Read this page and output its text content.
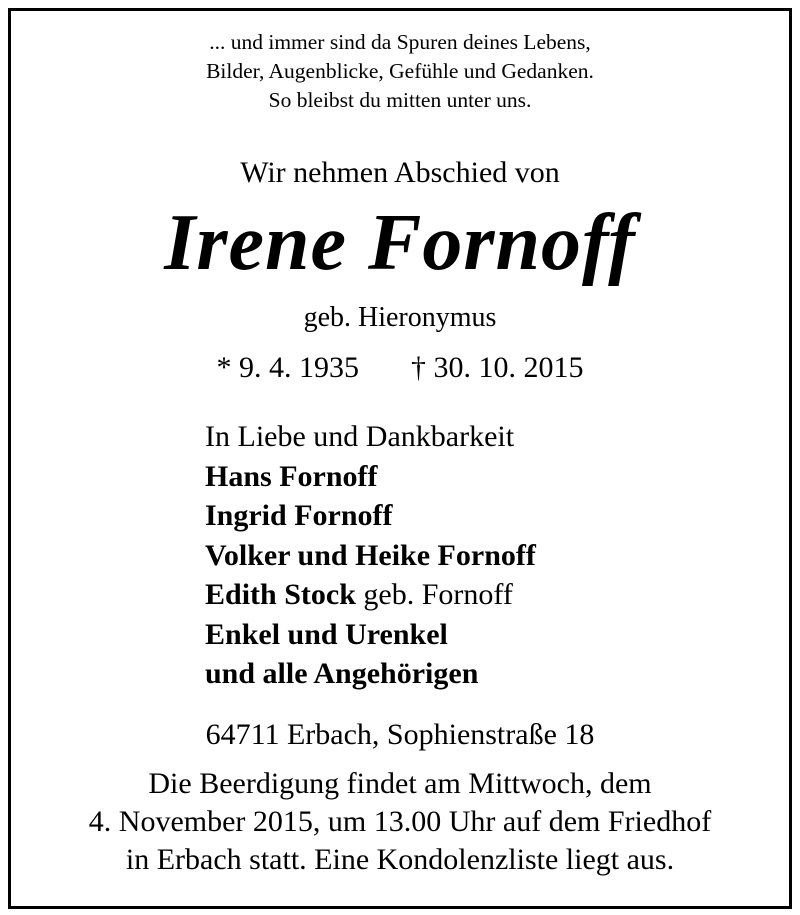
... und immer sind da Spuren deines Lebens,
Bilder, Augenblicke, Gefühle und Gedanken.
So bleibst du mitten unter uns.
Wir nehmen Abschied von
Irene Fornoff
geb. Hieronymus
* 9. 4. 1935 † 30. 10. 2015
In Liebe und Dankbarkeit
Hans Fornoff
Ingrid Fornoff
Volker und Heike Fornoff
Edith Stock geb. Fornoff
Enkel und Urenkel
und alle Angehörigen
64711 Erbach, Sophienstraße 18
Die Beerdigung findet am Mittwoch, dem
4. November 2015, um 13.00 Uhr auf dem Friedhof
in Erbach statt. Eine Kondolenzliste liegt aus.
